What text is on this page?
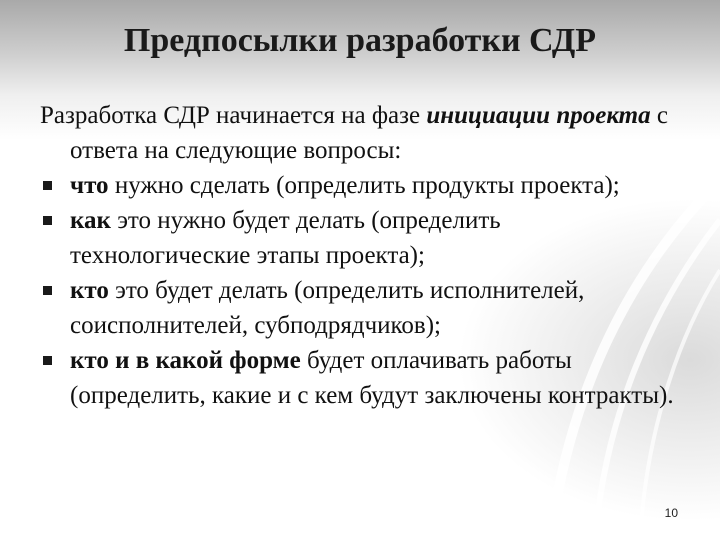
Предпосылки разработки СДР
Разработка СДР начинается на фазе инициации проекта с ответа на следующие вопросы:
что нужно сделать (определить продукты проекта);
как это нужно будет делать (определить технологические этапы проекта);
кто это будет делать (определить исполнителей, соисполнителей, субподрядчиков);
кто и в какой форме будет оплачивать работы (определить, какие и с кем будут заключены контракты).
10
